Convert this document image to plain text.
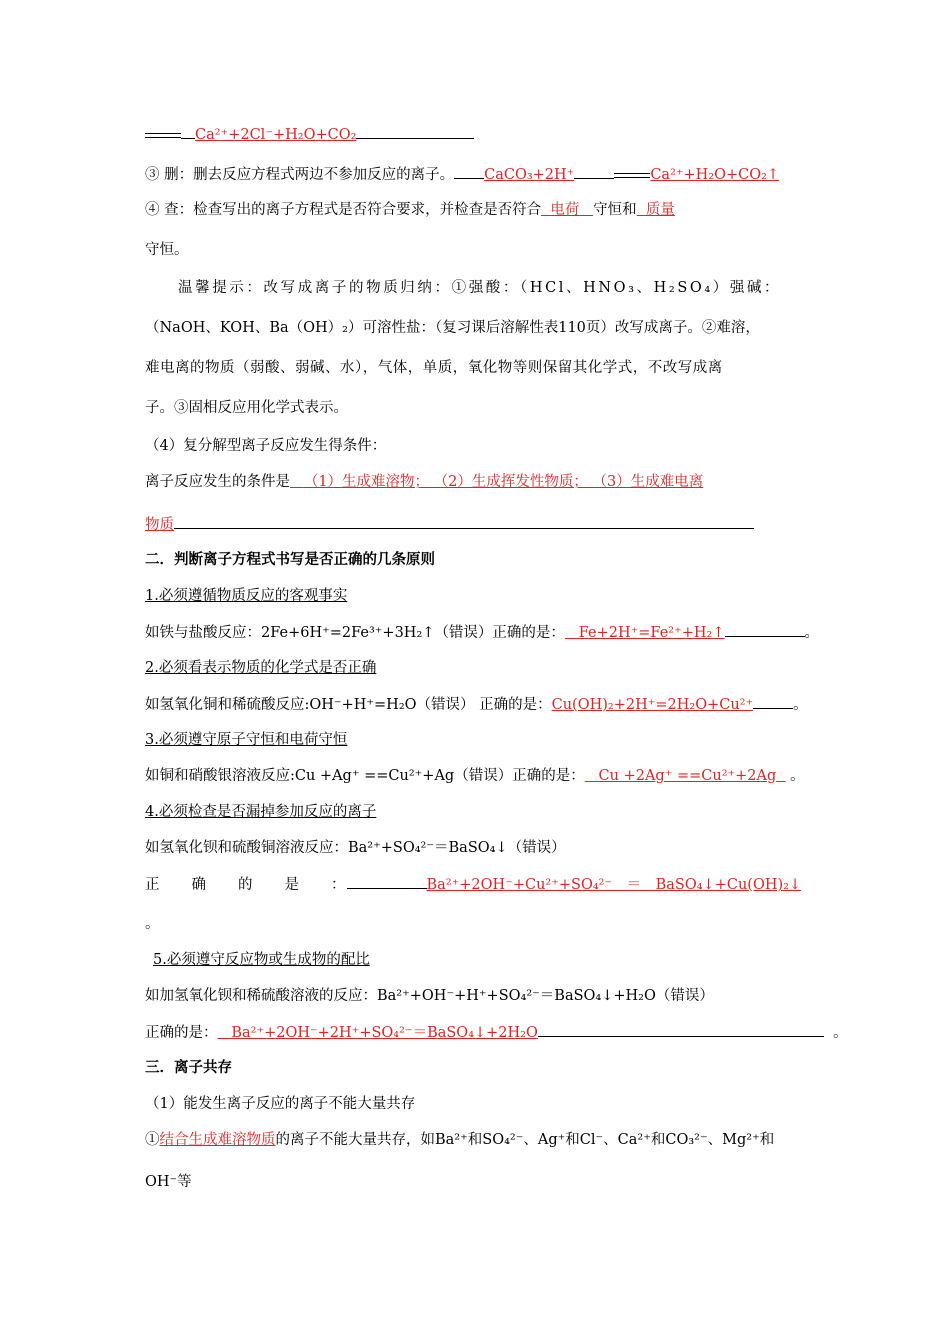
Ca²⁺+2Cl⁻+H₂O+CO₂
③ 删：删去反应方程式两边不参加反应的离子。 CaCO₃+2H⁺	Ca²⁺+H₂O+CO₂↑
④ 查：检查写出的离子方程式是否符合要求，并检查是否符合 电荷 守恒和 质量
守恒。
温馨提示：改写成离子的物质归纳：①强酸：（HCl、HNO₃、H₂SO₄）强碱：
（NaOH、KOH、Ba（OH）₂）可溶性盐：（复习课后溶解性表110页）改写成离子。②难溶，
难电离的物质（弱酸、弱碱、水），气体，单质，氧化物等则保留其化学式，不改写成离
子。③固相反应用化学式表示。
（4）复分解型离子反应发生得条件：
离子反应发生的条件是 （1）生成难溶物； （2）生成挥发性物质； （3）生成难电离
物质
二．判断离子方程式书写是否正确的几条原则
1.必须遵循物质反应的客观事实
如铁与盐酸反应：2Fe+6H⁺=2Fe³⁺+3H₂↑（错误）正确的是： Fe+2H⁺=Fe²⁺+H₂↑	。
2.必须看表示物质的化学式是否正确
如氢氧化铜和稀硫酸反应:OH⁻+H⁺=H₂O（错误） 正确的是：Cu(OH)₂+2H⁺=2H₂O+Cu²⁺	。
3.必须遵守原子守恒和电荷守恒
如铜和硝酸银溶液反应:Cu +Ag⁺ ==Cu²⁺+Ag（错误）正确的是： Cu +2Ag⁺ ==Cu²⁺+2Ag   。
4.必须检查是否漏掉参加反应的离子
如氢氧化钡和硫酸铜溶液反应：Ba²⁺+SO₄²⁻＝BaSO₄↓（错误）
正　　确　　的　　是　　：	Ba²⁺+2OH⁻+Cu²⁺+SO₄²⁻　＝　BaSO₄↓+Cu(OH)₂↓
。
5.必须遵守反应物或生成物的配比
如加氢氧化钡和稀硫酸溶液的反应：Ba²⁺+OH⁻+H⁺+SO₄²⁻＝BaSO₄↓+H₂O（错误）
正确的是： Ba²⁺+2OH⁻+2H⁺+SO₄²⁻＝BaSO₄↓+2H₂O	。
三．离子共存
（1）能发生离子反应的离子不能大量共存
①结合生成难溶物质的离子不能大量共存，如Ba²⁺和SO₄²⁻、Ag⁺和Cl⁻、Ca²⁺和CO₃²⁻、Mg²⁺和
OH⁻等
